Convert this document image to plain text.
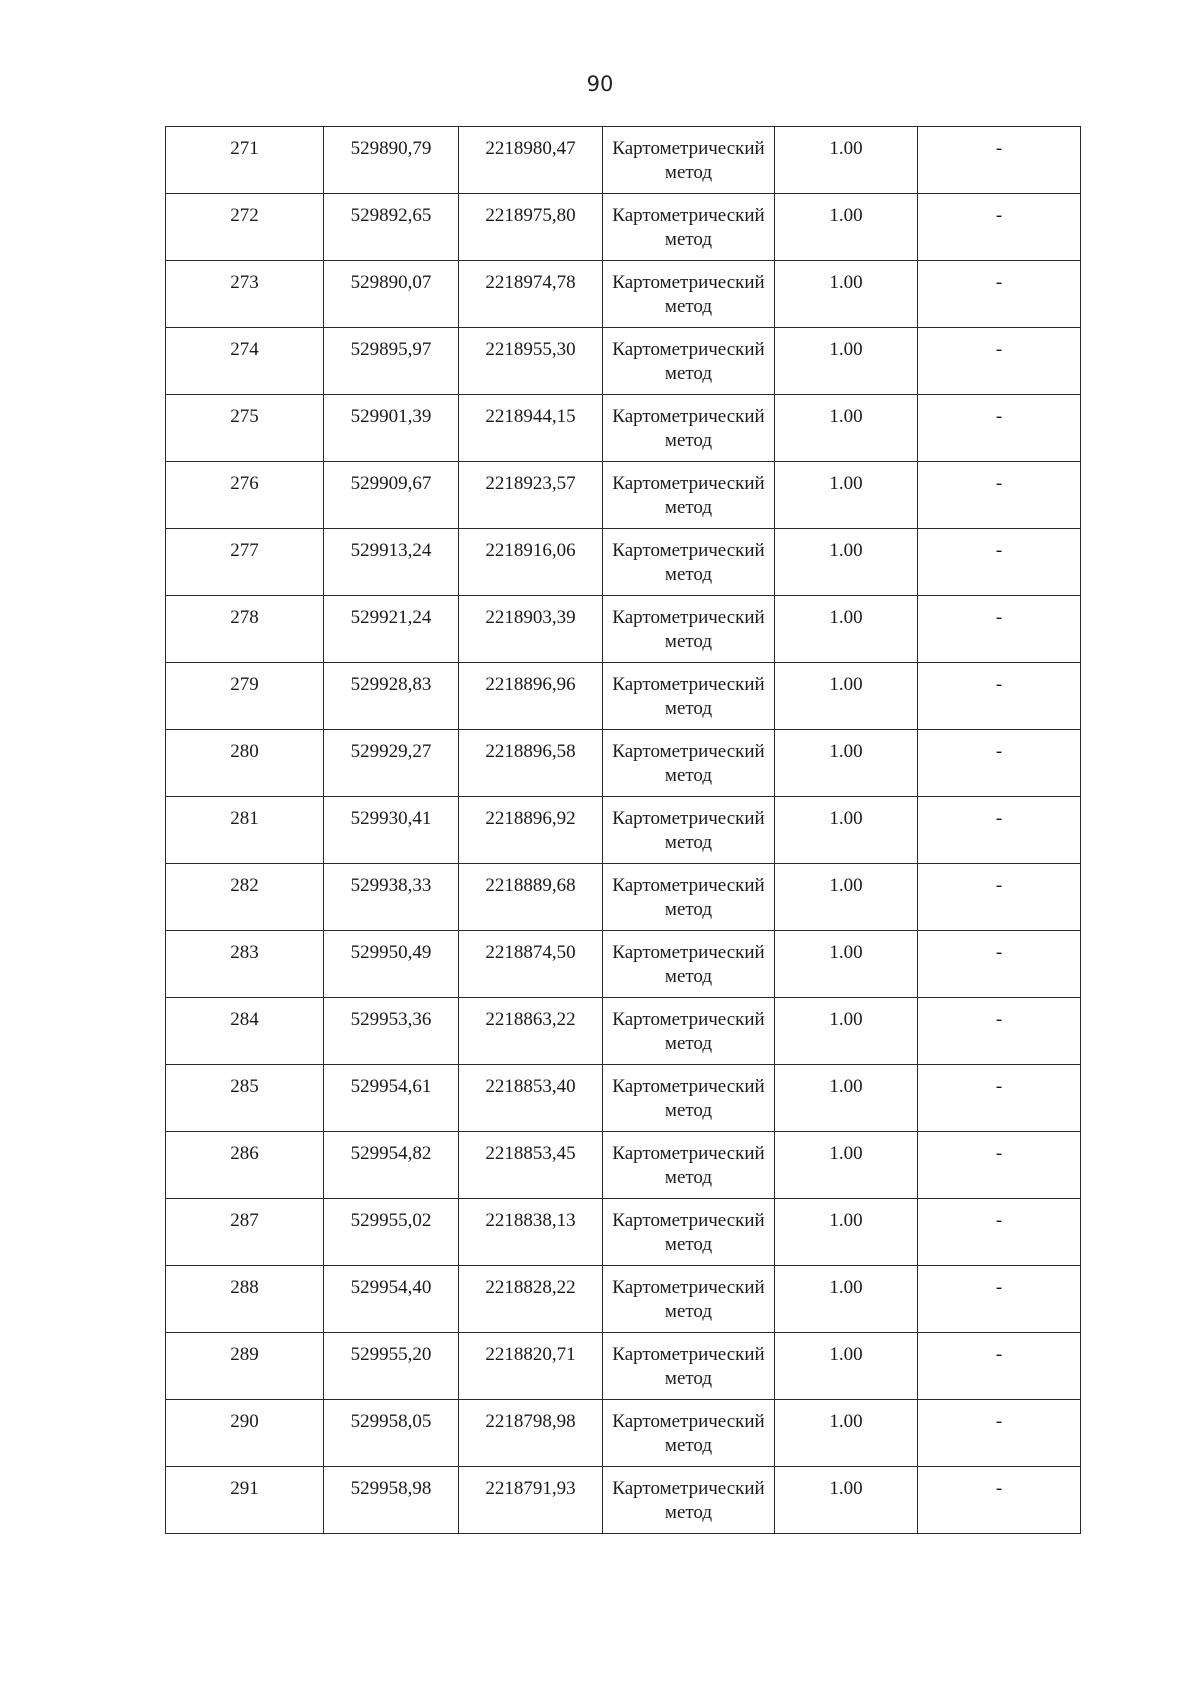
90
271	529890,79	2218980,47	Картометрический метод	1.00	-
272	529892,65	2218975,80	Картометрический метод	1.00	-
273	529890,07	2218974,78	Картометрический метод	1.00	-
274	529895,97	2218955,30	Картометрический метод	1.00	-
275	529901,39	2218944,15	Картометрический метод	1.00	-
276	529909,67	2218923,57	Картометрический метод	1.00	-
277	529913,24	2218916,06	Картометрический метод	1.00	-
278	529921,24	2218903,39	Картометрический метод	1.00	-
279	529928,83	2218896,96	Картометрический метод	1.00	-
280	529929,27	2218896,58	Картометрический метод	1.00	-
281	529930,41	2218896,92	Картометрический метод	1.00	-
282	529938,33	2218889,68	Картометрический метод	1.00	-
283	529950,49	2218874,50	Картометрический метод	1.00	-
284	529953,36	2218863,22	Картометрический метод	1.00	-
285	529954,61	2218853,40	Картометрический метод	1.00	-
286	529954,82	2218853,45	Картометрический метод	1.00	-
287	529955,02	2218838,13	Картометрический метод	1.00	-
288	529954,40	2218828,22	Картометрический метод	1.00	-
289	529955,20	2218820,71	Картометрический метод	1.00	-
290	529958,05	2218798,98	Картометрический метод	1.00	-
291	529958,98	2218791,93	Картометрический метод	1.00	-
